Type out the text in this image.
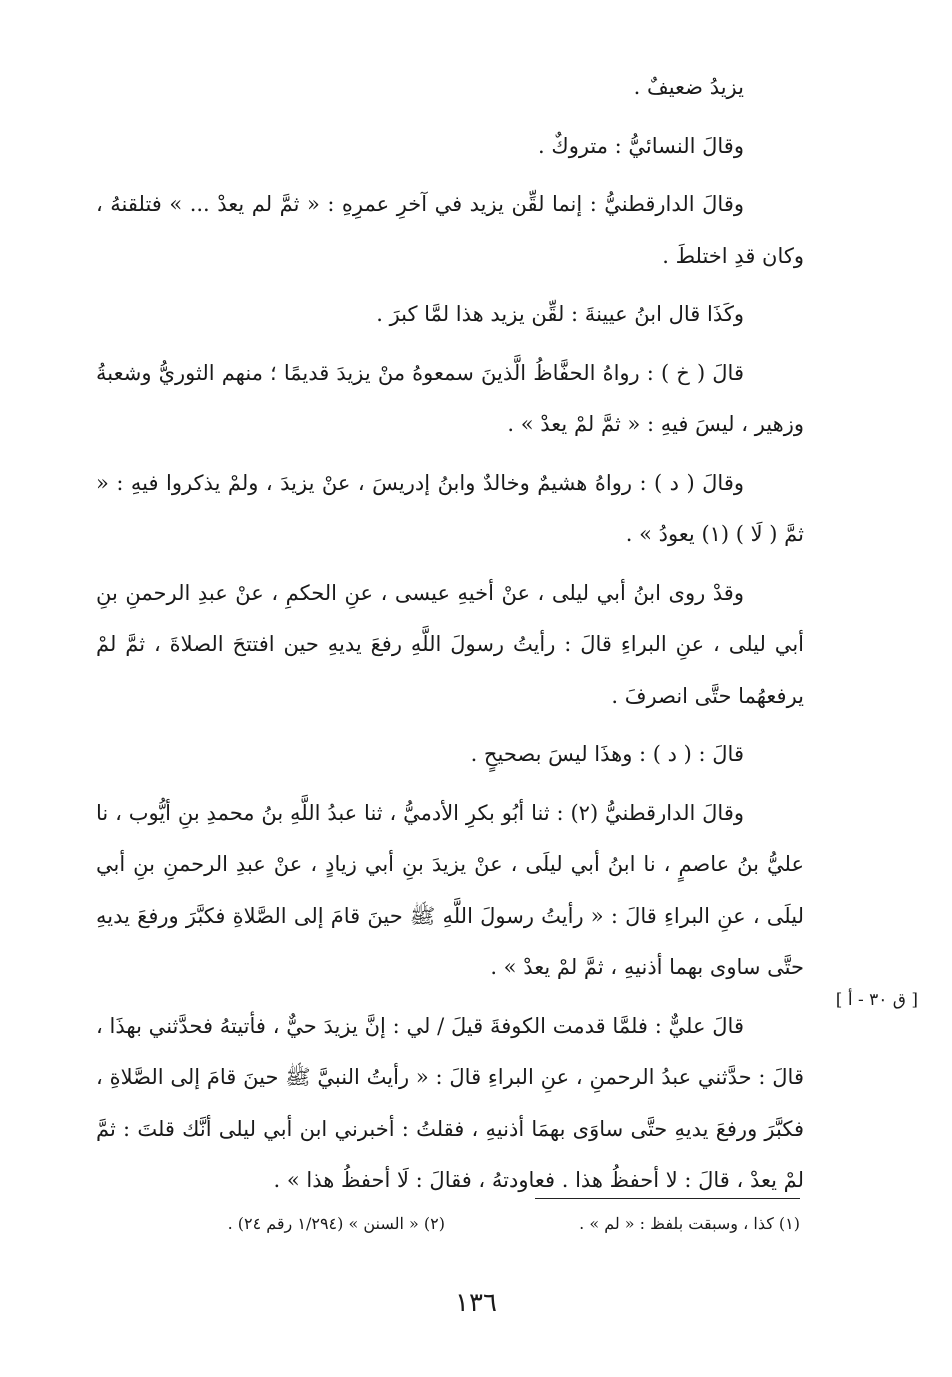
يزيدُ ضعيفٌ .

وقالَ النسائيُّ : متروكٌ .

وقالَ الدارقطنيُّ : إنما لقِّن يزيد في آخرِ عمرِهِ : « ثمَّ لم يعدْ ... » فتلقنهُ ، وكان قدِ اختلطَ .

وكَذَا قال ابنُ عيينةَ : لقِّن يزيد هذا لمَّا كبرَ .

قالَ ( خ ) : رواهُ الحفَّاظُ الَّذينَ سمعوهُ منْ يزيدَ قديمًا ؛ منهم الثوريُّ وشعبةُ وزهير ، ليسَ فيهِ : « ثمَّ لمْ يعدْ » .

وقالَ ( د ) : رواهُ هشيمٌ وخالدٌ وابنُ إدريسَ ، عنْ يزيدَ ، ولمْ يذكروا فيهِ : « ثمَّ ( لَا ) (١) يعودُ » .

وقدْ روى ابنُ أبي ليلى ، عنْ أخيهِ عيسى ، عنِ الحكمِ ، عنْ عبدِ الرحمنِ بنِ أبي ليلى ، عنِ البراءِ قالَ : رأيتُ رسولَ اللَّهِ رفعَ يديهِ حين افتتحَ الصلاةَ ، ثمَّ لمْ يرفعهُما حتَّى انصرفَ .

قالَ : ( د ) : وهذَا ليسَ بصحيحٍ .

وقالَ الدارقطنيُّ (٢) : ثنا أبُو بكرِ الأدميُّ ، ثنا عبدُ اللَّهِ بنُ محمدِ بنِ أيُّوب ، نا عليُّ بنُ عاصمٍ ، نا ابنُ أبي ليلَى ، عنْ يزيدَ بنِ أبي زيادٍ ، عنْ عبدِ الرحمنِ بنِ أبي ليلَى ، عنِ البراءِ قالَ : « رأيتُ رسولَ اللَّهِ ﷺ حينَ قامَ إلى الصَّلاةِ فكبَّرَ ورفعَ يديهِ حتَّى ساوى بهما أذنيهِ ، ثمَّ لمْ يعدْ » .

قالَ عليٌّ : فلمَّا قدمت الكوفةَ قيلَ / لي : إنَّ يزيدَ حيٌّ ، فأتيتهُ فحدَّثني بهذَا ، قالَ : حدَّثني عبدُ الرحمنِ ، عنِ البراءِ قالَ : « رأيتُ النبيَّ ﷺ حينَ قامَ إلى الصَّلاةِ ، فكبَّرَ ورفعَ يديهِ حتَّى ساوَى بهمَا أذنيهِ ، فقلتُ : أخبرني ابن أبي ليلى أنَّك قلتَ : ثمَّ لمْ يعدْ ، قالَ : لا أحفظُ هذا . فعاودتهُ ، فقالَ : لَا أحفظُ هذا » .

[ ق ٣٠ - أ ]
(١) كذا ، وسبقت بلفظ : « لم » .
(٢) « السنن » (١/٢٩٤ رقم ٢٤) .
١٣٦
